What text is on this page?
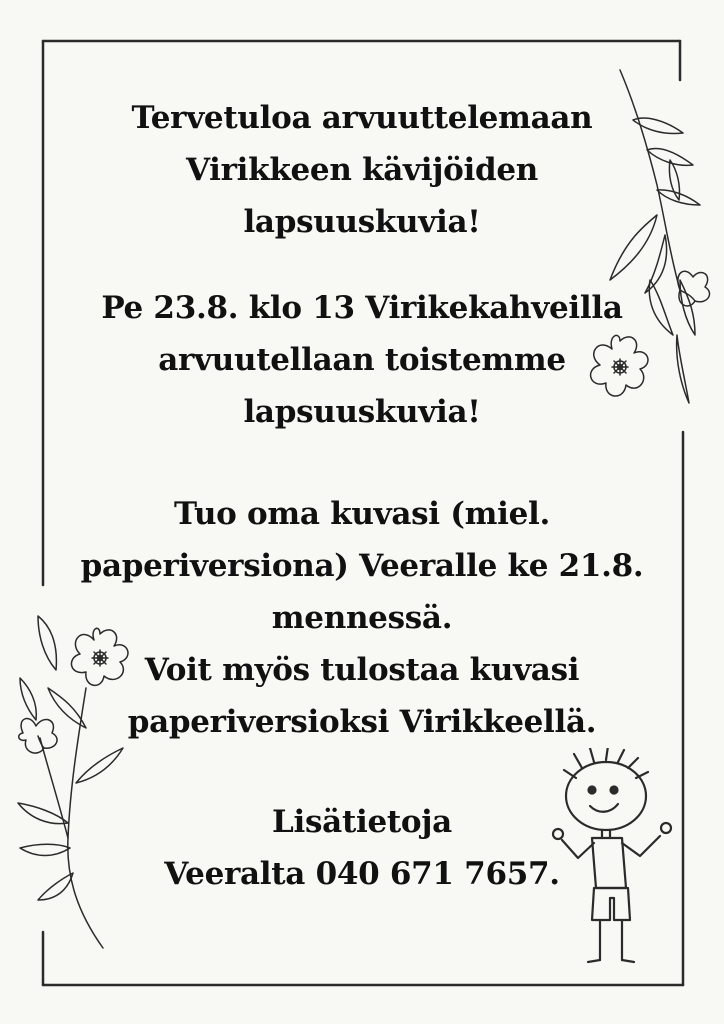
Tervetuloa arvuuttelemaan
Virikkeen kävijöiden
lapsuuskuvia!
Pe 23.8. klo 13 Virikekahveilla
arvuutellaan toistemme
lapsuuskuvia!
Tuo oma kuvasi (miel.
paperiversiona) Veeralle ke 21.8.
mennessä.
Voit myös tulostaa kuvasi
paperiversioksi Virikkeellä.
Lisätietoja
Veeralta 040 671 7657.
